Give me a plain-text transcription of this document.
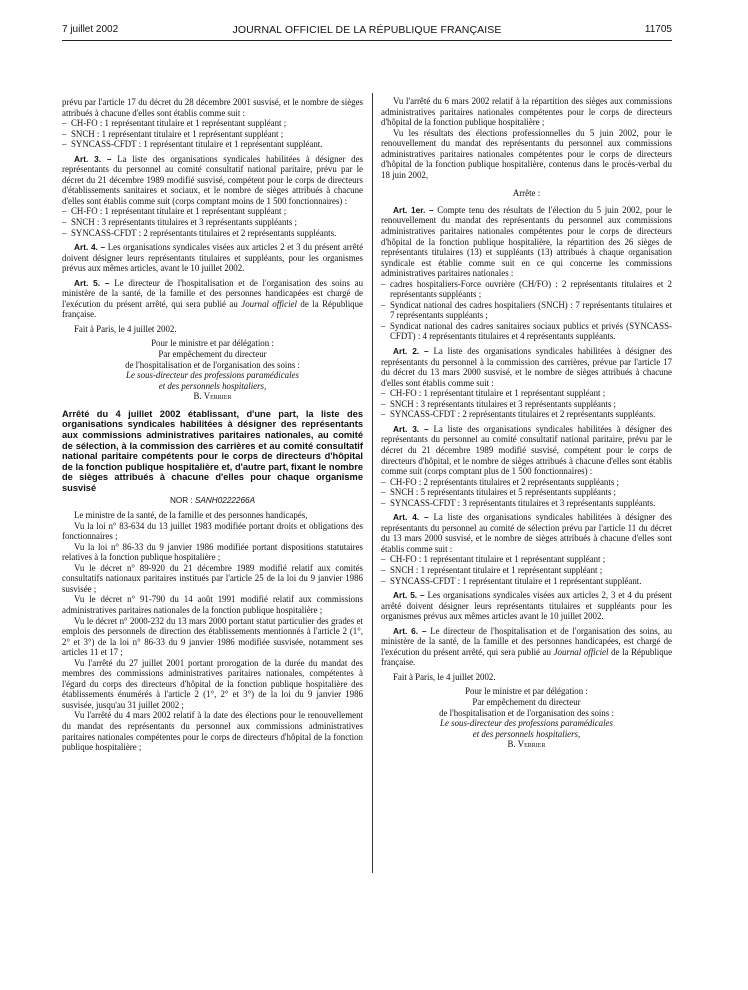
7 juillet 2002	JOURNAL OFFICIEL DE LA RÉPUBLIQUE FRANÇAISE	11705

prévu par l'article 17 du décret du 28 décembre 2001 susvisé, et le nombre de sièges attribués à chacune d'elles sont établis comme suit :

– CH-FO : 1 représentant titulaire et 1 représentant suppléant ;

– SNCH : 1 représentant titulaire et 1 représentant suppléant ;

– SYNCASS-CFDT : 1 représentant titulaire et 1 représentant suppléant.

Art. 3. – La liste des organisations syndicales habilitées à désigner des représentants du personnel au comité consultatif national paritaire, prévu par le décret du 21 décembre 1989 modifié susvisé, compétent pour le corps de directeurs d'établissements sanitaires et sociaux, et le nombre de sièges attribués à chacune d'elles sont établis comme suit (corps comptant moins de 1 500 fonctionnaires) :

– CH-FO : 1 représentant titulaire et 1 représentant suppléant ;

– SNCH : 3 représentants titulaires et 3 représentants suppléants ;

– SYNCASS-CFDT : 2 représentants titulaires et 2 représentants suppléants.

Art. 4. – Les organisations syndicales visées aux articles 2 et 3 du présent arrêté doivent désigner leurs représentants titulaires et suppléants, pour les organismes prévus aux mêmes articles, avant le 10 juillet 2002.

Art. 5. – Le directeur de l'hospitalisation et de l'organisation des soins au ministère de la santé, de la famille et des personnes handicapées est chargé de l'exécution du présent arrêté, qui sera publié au Journal officiel de la République française.

Fait à Paris, le 4 juillet 2002.

Pour le ministre et par délégation :

Par empêchement du directeur

de l'hospitalisation et de l'organisation des soins :

Le sous-directeur des professions paramédicales

et des personnels hospitaliers,

B. Verrier

Arrêté du 4 juillet 2002 établissant, d'une part, la liste des organisations syndicales habilitées à désigner des représentants aux commissions administratives paritaires nationales, au comité de sélection, à la commission des carrières et au comité consultatif national paritaire compétents pour le corps de directeurs d'hôpital de la fonction publique hospitalière et, d'autre part, fixant le nombre de sièges attribués à chacune d'elles pour chaque organisme susvisé

NOR : SANH0222266A

Le ministre de la santé, de la famille et des personnes handicapés,

Vu la loi n° 83-634 du 13 juillet 1983 modifiée portant droits et obligations des fonctionnaires ;

Vu la loi n° 86-33 du 9 janvier 1986 modifiée portant dispositions statutaires relatives à la fonction publique hospitalière ;

Vu le décret n° 89-920 du 21 décembre 1989 modifié relatif aux comités consultatifs nationaux paritaires institués par l'article 25 de la loi du 9 janvier 1986 susvisée ;

Vu le décret n° 91-790 du 14 août 1991 modifié relatif aux commissions administratives paritaires nationales de la fonction publique hospitalière ;

Vu le décret n° 2000-232 du 13 mars 2000 portant statut particulier des grades et emplois des personnels de direction des établissements mentionnés à l'article 2 (1°, 2° et 3°) de la loi n° 86-33 du 9 janvier 1986 modifiée susvisée, notamment ses articles 11 et 17 ;

Vu l'arrêté du 27 juillet 2001 portant prorogation de la durée du mandat des membres des commissions administratives paritaires nationales, compétentes à l'égard du corps des directeurs d'hôpital de la fonction publique hospitalière des établissements énumérés à l'article 2 (1°, 2° et 3°) de la loi du 9 janvier 1986 susvisée, jusqu'au 31 juillet 2002 ;

Vu l'arrêté du 4 mars 2002 relatif à la date des élections pour le renouvellement du mandat des représentants du personnel aux commissions administratives paritaires nationales compétentes pour le corps de directeurs d'hôpital de la fonction publique hospitalière ;

Vu l'arrêté du 6 mars 2002 relatif à la répartition des sièges aux commissions administratives paritaires nationales compétentes pour le corps de directeurs d'hôpital de la fonction publique hospitalière ;

Vu les résultats des élections professionnelles du 5 juin 2002, pour le renouvellement du mandat des représentants du personnel aux commissions administratives paritaires nationales compétentes pour le corps de directeurs d'hôpital de la fonction publique hospitalière, contenus dans le procès-verbal du 18 juin 2002,

Arrête :

Art. 1er. – Compte tenu des résultats de l'élection du 5 juin 2002, pour le renouvellement du mandat des représentants du personnel aux commissions administratives paritaires nationales compétentes pour le corps de directeurs d'hôpital de la fonction publique hospitalière, la répartition des 26 sièges de représentants titulaires (13) et suppléants (13) attribués à chaque organisation syndicale est établie comme suit en ce qui concerne les commissions administratives paritaires nationales :

– cadres hospitaliers-Force ouvrière (CH/FO) : 2 représentants titulaires et 2 représentants suppléants ;

– Syndicat national des cadres hospitaliers (SNCH) : 7 représentants titulaires et 7 représentants suppléants ;

– Syndicat national des cadres sanitaires sociaux publics et privés (SYNCASS-CFDT) : 4 représentants titulaires et 4 représentants suppléants.

Art. 2. – La liste des organisations syndicales habilitées à désigner des représentants du personnel à la commission des carrières, prévue par l'article 17 du décret du 13 mars 2000 susvisé, et le nombre de sièges attribués à chacune d'elles sont établis comme suit :

– CH-FO : 1 représentant titulaire et 1 représentant suppléant ;

– SNCH : 3 représentants titulaires et 3 représentants suppléants ;

– SYNCASS-CFDT : 2 représentants titulaires et 2 représentants suppléants.

Art. 3. – La liste des organisations syndicales habilitées à désigner des représentants du personnel au comité consultatif national paritaire, prévu par le décret du 21 décembre 1989 modifié susvisé, compétent pour le corps de directeurs d'hôpital, et le nombre de sièges attribués à chacune d'elles sont établis comme suit (corps comptant plus de 1 500 fonctionnaires) :

– CH-FO : 2 représentants titulaires et 2 représentants suppléants ;

– SNCH : 5 représentants titulaires et 5 représentants suppléants ;

– SYNCASS-CFDT : 3 représentants titulaires et 3 représentants suppléants.

Art. 4. – La liste des organisations syndicales habilitées à désigner des représentants du personnel au comité de sélection prévu par l'article 11 du décret du 13 mars 2000 susvisé, et le nombre de sièges attribués à chacune d'elles sont établis comme suit :

– CH-FO : 1 représentant titulaire et 1 représentant suppléant ;

– SNCH : 1 représentant titulaire et 1 représentant suppléant ;

– SYNCASS-CFDT : 1 représentant titulaire et 1 représentant suppléant.

Art. 5. – Les organisations syndicales visées aux articles 2, 3 et 4 du présent arrêté doivent désigner leurs représentants titulaires et suppléants pour les organismes prévus aux mêmes articles avant le 10 juillet 2002.

Art. 6. – Le directeur de l'hospitalisation et de l'organisation des soins, au ministère de la santé, de la famille et des personnes handicapées, est chargé de l'exécution du présent arrêté, qui sera publié au Journal officiel de la République française.

Fait à Paris, le 4 juillet 2002.

Pour le ministre et par délégation :

Par empêchement du directeur

de l'hospitalisation et de l'organisation des soins :

Le sous-directeur des professions paramédicales

et des personnels hospitaliers,

B. Verrier
